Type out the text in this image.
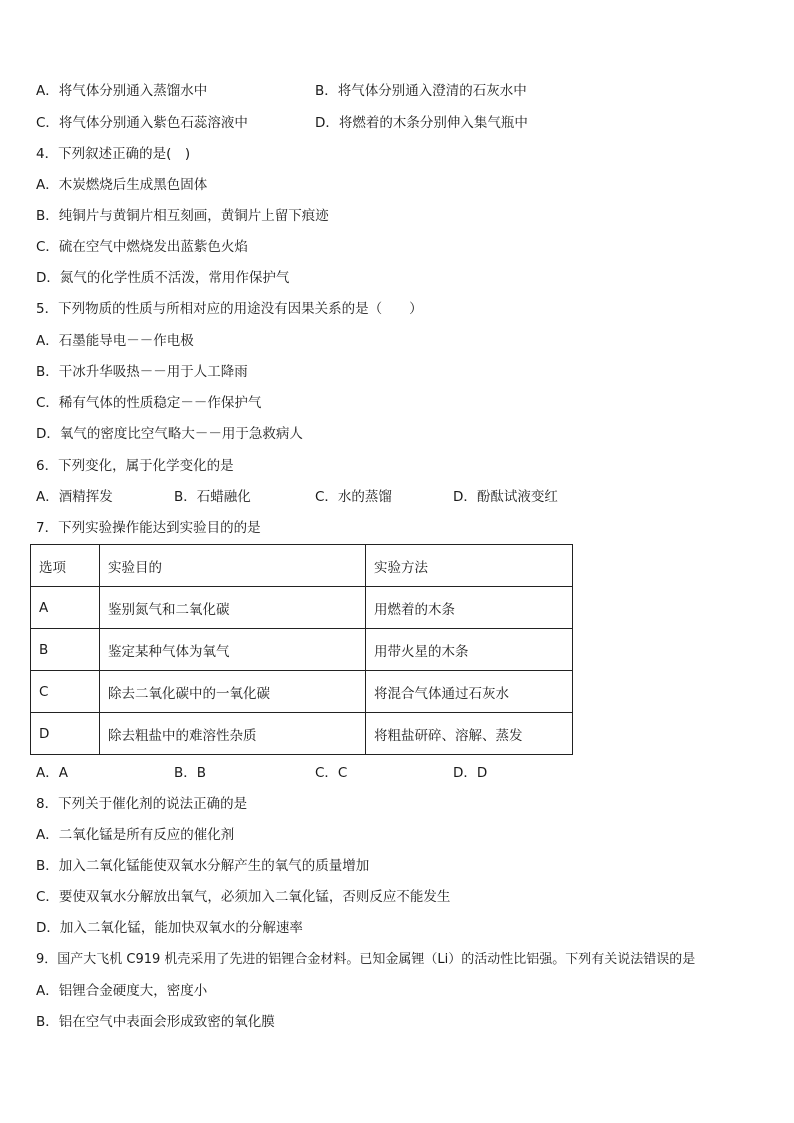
A．将气体分别通入蒸馏水中	B．将气体分别通入澄清的石灰水中
C．将气体分别通入紫色石蕊溶液中	D．将燃着的木条分别伸入集气瓶中
4．下列叙述正确的是(　)
A．木炭燃烧后生成黑色固体
B．纯铜片与黄铜片相互刻画，黄铜片上留下痕迹
C．硫在空气中燃烧发出蓝紫色火焰
D．氮气的化学性质不活泼，常用作保护气
5．下列物质的性质与所相对应的用途没有因果关系的是（　　）
A．石墨能导电－－作电极
B．干冰升华吸热－－用于人工降雨
C．稀有气体的性质稳定－－作保护气
D．氧气的密度比空气略大－－用于急救病人
6．下列变化，属于化学变化的是
A．酒精挥发	B．石蜡融化	C．水的蒸馏	D．酚酞试液变红
7．下列实验操作能达到实验目的的是
选项	实验目的	实验方法
A	鉴别氮气和二氧化碳	用燃着的木条
B	鉴定某种气体为氧气	用带火星的木条
C	除去二氧化碳中的一氧化碳	将混合气体通过石灰水
D	除去粗盐中的难溶性杂质	将粗盐研碎、溶解、蒸发
A．A	B．B	C．C	D．D
8．下列关于催化剂的说法正确的是
A．二氧化锰是所有反应的催化剂
B．加入二氧化锰能使双氧水分解产生的氧气的质量增加
C．要使双氧水分解放出氧气，必须加入二氧化锰，否则反应不能发生
D．加入二氧化锰，能加快双氧水的分解速率
9．国产大飞机 C919 机壳采用了先进的铝锂合金材料。已知金属锂（Li）的活动性比铝强。下列有关说法错误的是
A．铝锂合金硬度大，密度小
B．铝在空气中表面会形成致密的氧化膜
